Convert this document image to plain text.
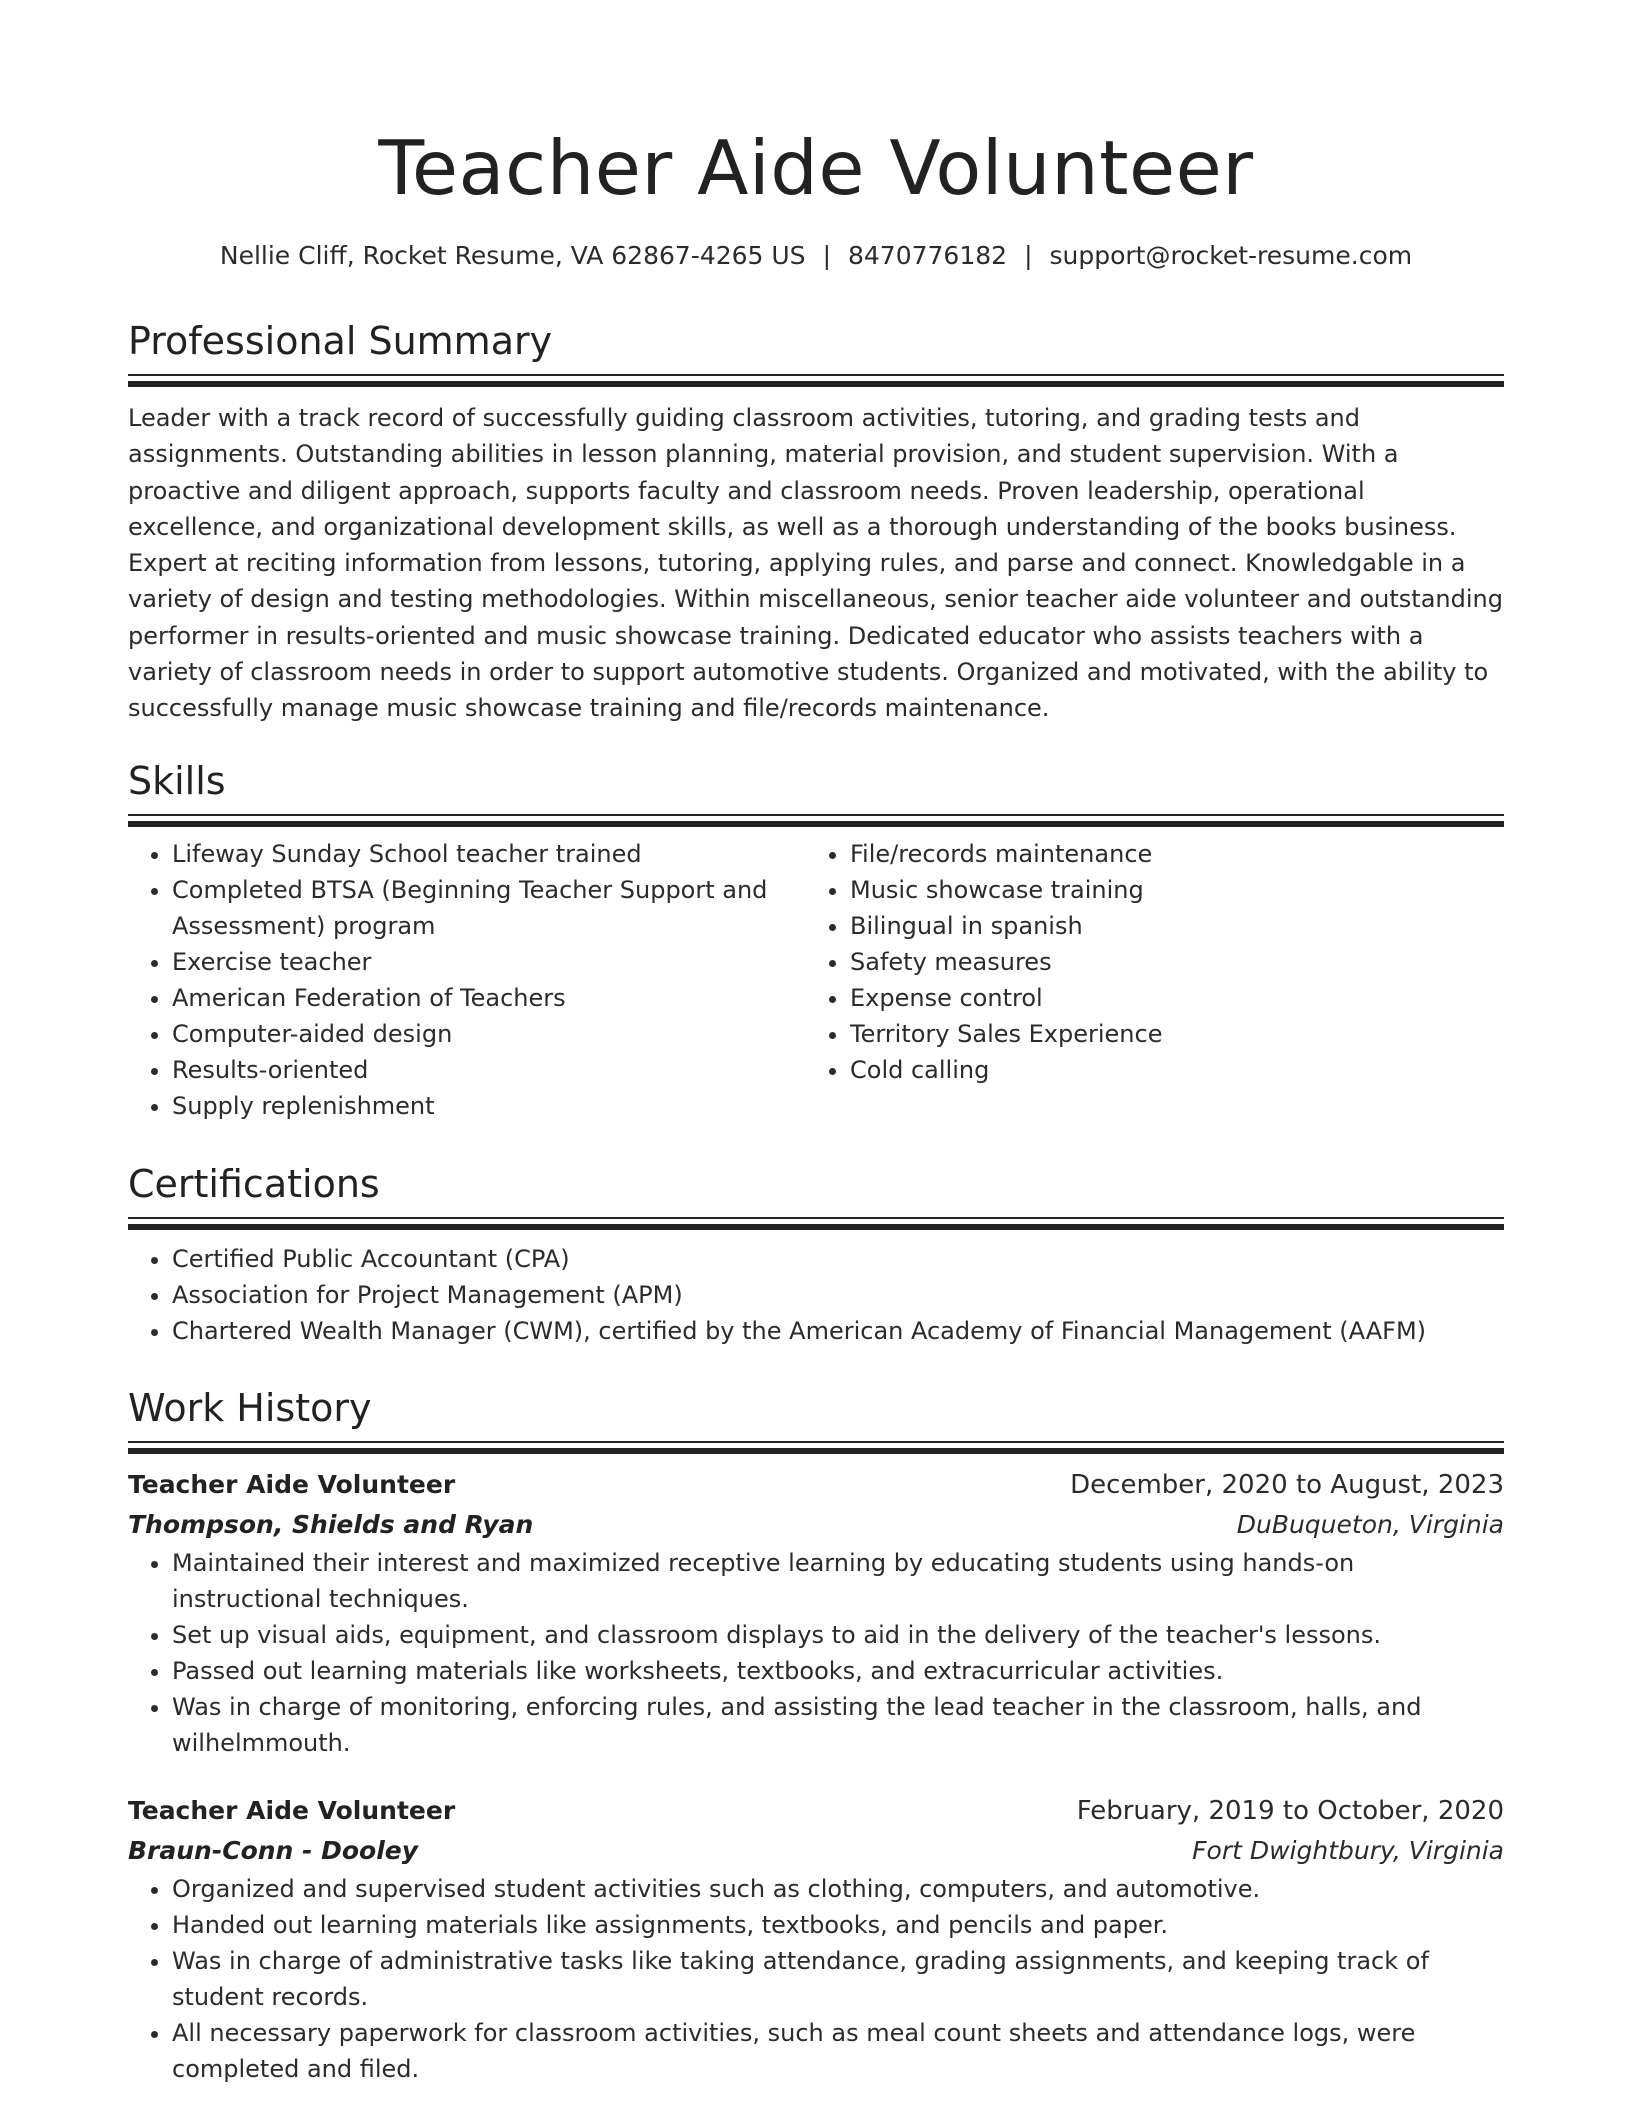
Teacher Aide Volunteer
Nellie Cliff, Rocket Resume, VA 62867-4265 US | 8470776182 | support@rocket-resume.com
Professional Summary

Leader with a track record of successfully guiding classroom activities, tutoring, and grading tests and assignments. Outstanding abilities in lesson planning, material provision, and student supervision. With a proactive and diligent approach, supports faculty and classroom needs. Proven leadership, operational excellence, and organizational development skills, as well as a thorough understanding of the books business. Expert at reciting information from lessons, tutoring, applying rules, and parse and connect. Knowledgable in a variety of design and testing methodologies. Within miscellaneous, senior teacher aide volunteer and outstanding performer in results-oriented and music showcase training. Dedicated educator who assists teachers with a variety of classroom needs in order to support automotive students. Organized and motivated, with the ability to successfully manage music showcase training and file/records maintenance.

Skills
• Lifeway Sunday School teacher trained
• Completed BTSA (Beginning Teacher Support and Assessment) program
• Exercise teacher
• American Federation of Teachers
• Computer-aided design
• Results-oriented
• Supply replenishment
• File/records maintenance
• Music showcase training
• Bilingual in spanish
• Safety measures
• Expense control
• Territory Sales Experience
• Cold calling
Certifications
• Certified Public Accountant (CPA)
• Association for Project Management (APM)
• Chartered Wealth Manager (CWM), certified by the American Academy of Financial Management (AAFM)
Work History
Teacher Aide Volunteer	December, 2020 to August, 2023
Thompson, Shields and Ryan	DuBuqueton, Virginia
• Maintained their interest and maximized receptive learning by educating students using hands-on instructional techniques.
• Set up visual aids, equipment, and classroom displays to aid in the delivery of the teacher's lessons.
• Passed out learning materials like worksheets, textbooks, and extracurricular activities.
• Was in charge of monitoring, enforcing rules, and assisting the lead teacher in the classroom, halls, and wilhelmmouth.
Teacher Aide Volunteer	February, 2019 to October, 2020
Braun-Conn - Dooley	Fort Dwightbury, Virginia
• Organized and supervised student activities such as clothing, computers, and automotive.
• Handed out learning materials like assignments, textbooks, and pencils and paper.
• Was in charge of administrative tasks like taking attendance, grading assignments, and keeping track of student records.
• All necessary paperwork for classroom activities, such as meal count sheets and attendance logs, were completed and filed.
